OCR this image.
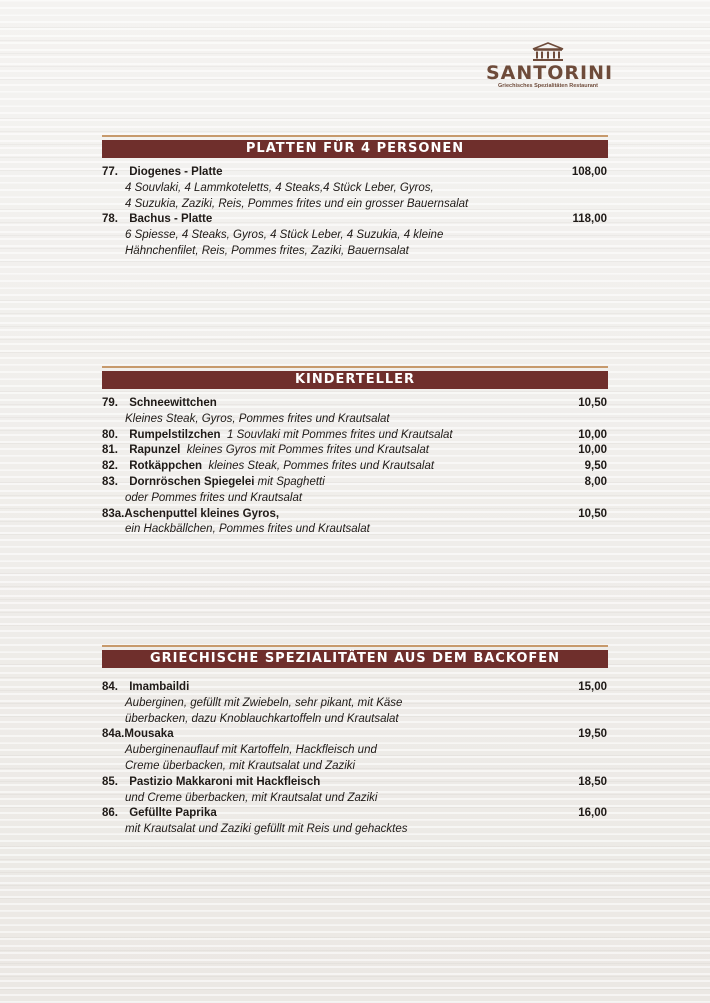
SANTORINI
Griechisches Spezialitäten Restaurant
PLATTEN FÜR 4 PERSONEN
77. Diogenes - Platte	108,00
4 Souvlaki, 4 Lammkoteletts, 4 Steaks,4 Stück Leber, Gyros,
4 Suzukia, Zaziki, Reis, Pommes frites und ein grosser Bauernsalat
78. Bachus - Platte	118,00
6 Spiesse, 4 Steaks, Gyros, 4 Stück Leber, 4 Suzukia, 4 kleine
Hähnchenfilet, Reis, Pommes frites, Zaziki, Bauernsalat
KINDERTELLER
79. Schneewittchen	10,50
Kleines Steak, Gyros, Pommes frites und Krautsalat
80. Rumpelstilzchen 1 Souvlaki mit Pommes frites und Krautsalat	10,00
81. Rapunzel kleines Gyros mit Pommes frites und Krautsalat	10,00
82. Rotkäppchen kleines Steak, Pommes frites und Krautsalat	9,50
83. Dornröschen Spiegelei mit Spaghetti	8,00
oder Pommes frites und Krautsalat
83a.Aschenputtel kleines Gyros,	10,50
ein Hackbällchen, Pommes frites und Krautsalat
GRIECHISCHE SPEZIALITÄTEN AUS DEM BACKOFEN
84. Imambaildi	15,00
Auberginen, gefüllt mit Zwiebeln, sehr pikant, mit Käse
überbacken, dazu Knoblauchkartoffeln und Krautsalat
84a.Mousaka	19,50
Auberginenauflauf mit Kartoffeln, Hackfleisch und
Creme überbacken, mit Krautsalat und Zaziki
85. Pastizio Makkaroni mit Hackfleisch	18,50
und Creme überbacken, mit Krautsalat und Zaziki
86. Gefüllte Paprika	16,00
mit Krautsalat und Zaziki gefüllt mit Reis und gehacktes
